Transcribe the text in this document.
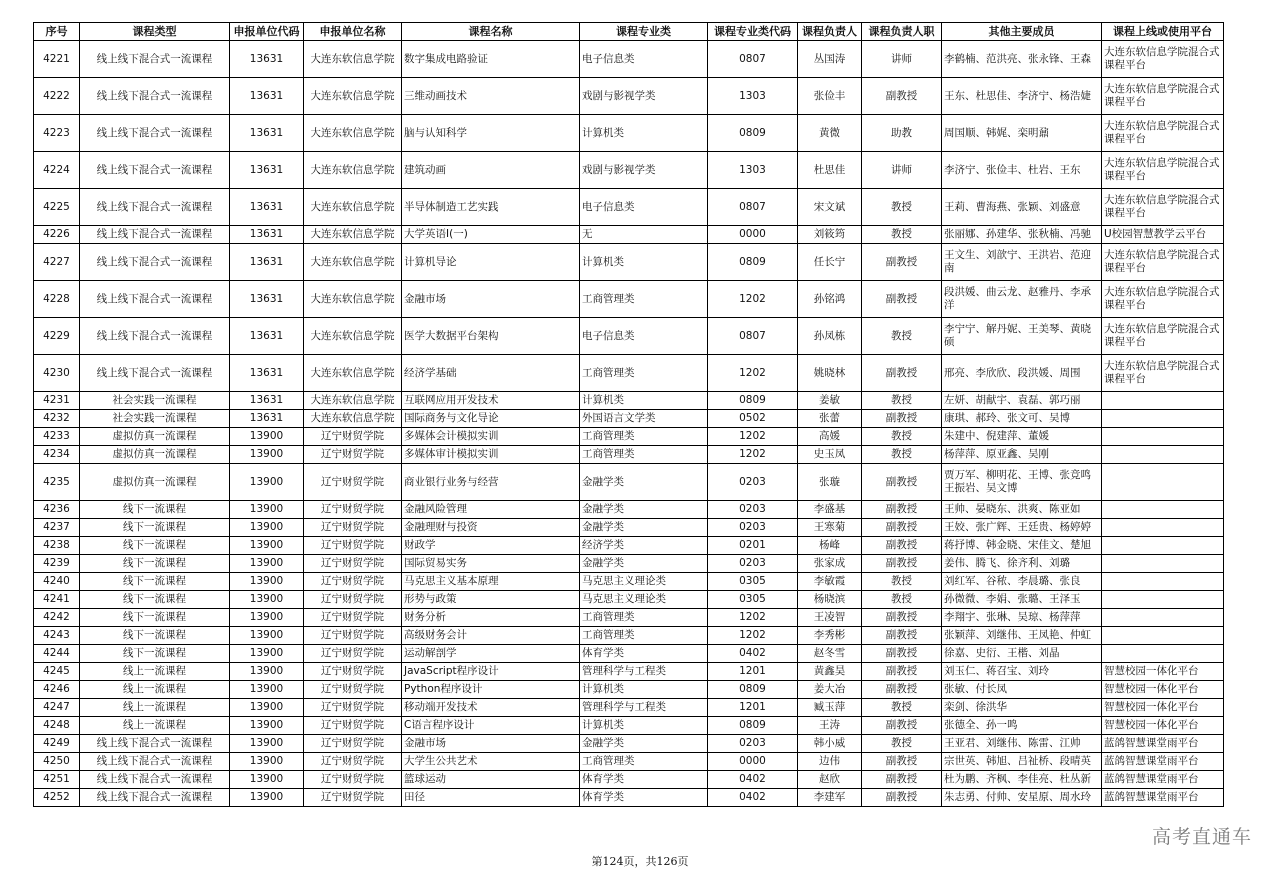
序号	课程类型	申报单位代码	申报单位名称	课程名称	课程专业类	课程专业类代码	课程负责人	课程负责人职	其他主要成员	课程上线或使用平台
4221	线上线下混合式一流课程	13631	大连东软信息学院	数字集成电路验证	电子信息类	0807	丛国涛	讲师	李鹤楠、范洪亮、张永锋、王森	大连东软信息学院混合式课程平台
4222	线上线下混合式一流课程	13631	大连东软信息学院	三维动画技术	戏剧与影视学类	1303	张俭丰	副教授	王东、杜思佳、李济宁、杨浩婕	大连东软信息学院混合式课程平台
4223	线上线下混合式一流课程	13631	大连东软信息学院	脑与认知科学	计算机类	0809	黄微	助教	周国顺、韩娓、栾明鼐	大连东软信息学院混合式课程平台
4224	线上线下混合式一流课程	13631	大连东软信息学院	建筑动画	戏剧与影视学类	1303	杜思佳	讲师	李济宁、张俭丰、杜岩、王东	大连东软信息学院混合式课程平台
4225	线上线下混合式一流课程	13631	大连东软信息学院	半导体制造工艺实践	电子信息类	0807	宋文斌	教授	王莉、曹海燕、张颖、刘盛意	大连东软信息学院混合式课程平台
4226	线上线下混合式一流课程	13631	大连东软信息学院	大学英语I(一)	无	0000	刘筱筠	教授	张丽娜、孙建华、张秋楠、冯驰	U校园智慧教学云平台
4227	线上线下混合式一流课程	13631	大连东软信息学院	计算机导论	计算机类	0809	任长宁	副教授	王文生、刘歆宁、王洪岩、范迎南	大连东软信息学院混合式课程平台
4228	线上线下混合式一流课程	13631	大连东软信息学院	金融市场	工商管理类	1202	孙铭鸿	副教授	段洪媛、曲云龙、赵雅丹、李承洋	大连东软信息学院混合式课程平台
4229	线上线下混合式一流课程	13631	大连东软信息学院	医学大数据平台架构	电子信息类	0807	孙凤栋	教授	李宁宁、解丹妮、王美琴、黄晓硕	大连东软信息学院混合式课程平台
4230	线上线下混合式一流课程	13631	大连东软信息学院	经济学基础	工商管理类	1202	姚晓林	副教授	邢亮、李欣欣、段洪媛、周围	大连东软信息学院混合式课程平台
4231	社会实践一流课程	13631	大连东软信息学院	互联网应用开发技术	计算机类	0809	姜敏	教授	左妍、胡献宇、袁磊、郭巧丽	
4232	社会实践一流课程	13631	大连东软信息学院	国际商务与文化导论	外国语言文学类	0502	张蕾	副教授	康琪、郝玲、张文可、吴博	
4233	虚拟仿真一流课程	13900	辽宁财贸学院	多媒体会计模拟实训	工商管理类	1202	高媛	教授	朱建中、倪建萍、董媛	
4234	虚拟仿真一流课程	13900	辽宁财贸学院	多媒体审计模拟实训	工商管理类	1202	史玉凤	教授	杨萍萍、原亚鑫、吴刚	
4235	虚拟仿真一流课程	13900	辽宁财贸学院	商业银行业务与经营	金融学类	0203	张璇	副教授	贾万军、柳明花、王博、张竞鸣王振岩、吴文博	
4236	线下一流课程	13900	辽宁财贸学院	金融风险管理	金融学类	0203	李盛基	副教授	王帅、晏晓东、洪爽、陈亚如	
4237	线下一流课程	13900	辽宁财贸学院	金融理财与投资	金融学类	0203	王寒菊	副教授	王姣、张广辉、王廷贵、杨婷婷	
4238	线下一流课程	13900	辽宁财贸学院	财政学	经济学类	0201	杨峰	副教授	蒋抒博、韩金晓、宋佳文、楚旭	
4239	线下一流课程	13900	辽宁财贸学院	国际贸易实务	金融学类	0203	张家成	副教授	姜伟、腾飞、徐齐利、刘璐	
4240	线下一流课程	13900	辽宁财贸学院	马克思主义基本原理	马克思主义理论类	0305	李敏霞	教授	刘红军、谷秾、李晨璐、张良	
4241	线下一流课程	13900	辽宁财贸学院	形势与政策	马克思主义理论类	0305	杨晓滨	教授	孙微微、李娟、张璐、王泽玉	
4242	线下一流课程	13900	辽宁财贸学院	财务分析	工商管理类	1202	王凌智	副教授	李翔宇、张琳、吴琼、杨萍萍	
4243	线下一流课程	13900	辽宁财贸学院	高级财务会计	工商管理类	1202	李秀彬	副教授	张颖萍、刘继伟、王凤艳、仲虹	
4244	线下一流课程	13900	辽宁财贸学院	运动解剖学	体育学类	0402	赵冬雪	副教授	徐嘉、史衍、王楷、刘晶	
4245	线上一流课程	13900	辽宁财贸学院	JavaScript程序设计	管理科学与工程类	1201	黄鑫昊	副教授	刘玉仁、蒋召宝、刘玲	智慧校园一体化平台
4246	线上一流课程	13900	辽宁财贸学院	Python程序设计	计算机类	0809	姜大冶	副教授	张敏、付长凤	智慧校园一体化平台
4247	线上一流课程	13900	辽宁财贸学院	移动端开发技术	管理科学与工程类	1201	臧玉萍	教授	栾剑、徐洪华	智慧校园一体化平台
4248	线上一流课程	13900	辽宁财贸学院	C语言程序设计	计算机类	0809	王涛	副教授	张德全、孙一鸣	智慧校园一体化平台
4249	线上线下混合式一流课程	13900	辽宁财贸学院	金融市场	金融学类	0203	韩小威	教授	王亚君、刘继伟、陈雷、江帅	蓝鸽智慧课堂雨平台
4250	线上线下混合式一流课程	13900	辽宁财贸学院	大学生公共艺术	工商管理类	0000	边伟	副教授	宗世英、韩旭、吕祉桥、段晴英	蓝鸽智慧课堂雨平台
4251	线上线下混合式一流课程	13900	辽宁财贸学院	篮球运动	体育学类	0402	赵欣	副教授	杜为鹏、齐枫、李佳亮、杜丛新	蓝鸽智慧课堂雨平台
4252	线上线下混合式一流课程	13900	辽宁财贸学院	田径	体育学类	0402	李建军	副教授	朱志勇、付帅、安星原、周水玲	蓝鸽智慧课堂雨平台
第124页，共126页
高考直通车
